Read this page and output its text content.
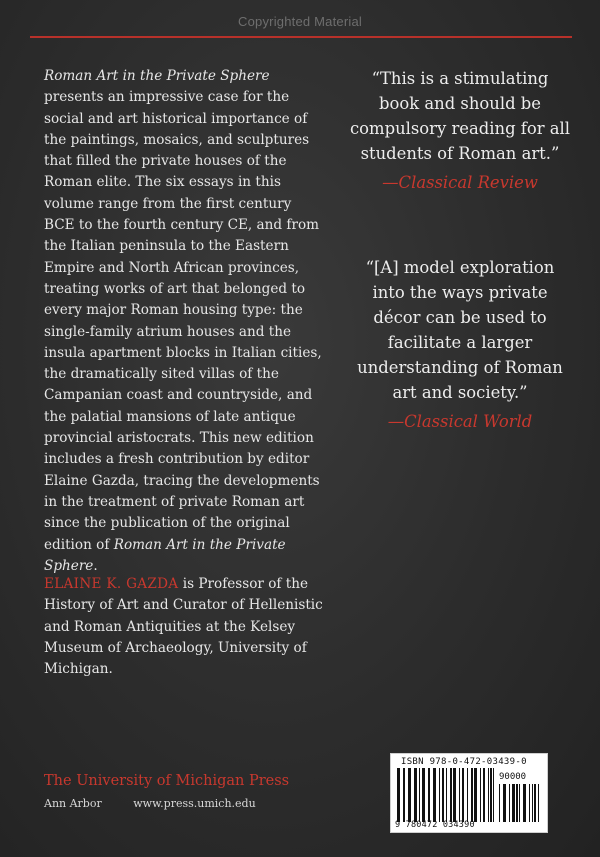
Copyrighted Material

Roman Art in the Private Sphere presents an impressive case for the social and art historical importance of the paintings, mosaics, and sculptures that filled the private houses of the Roman elite. The six essays in this volume range from the first century BCE to the fourth century CE, and from the Italian peninsula to the Eastern Empire and North African provinces, treating works of art that belonged to every major Roman housing type: the single-family atrium houses and the insula apartment blocks in Italian cities, the dramatically sited villas of the Campanian coast and countryside, and the palatial mansions of late antique provincial aristocrats. This new edition includes a fresh contribution by editor Elaine Gazda, tracing the developments in the treatment of private Roman art since the publication of the original edition of Roman Art in the Private Sphere.

ELAINE K. GAZDA is Professor of the History of Art and Curator of Hellenistic and Roman Antiquities at the Kelsey Museum of Archaeology, University of Michigan.

“This is a stimulating book and should be compulsory reading for all students of Roman art.”

—Classical Review

“[A] model exploration into the ways private décor can be used to facilitate a larger understanding of Roman art and society.”

—Classical World

The University of Michigan Press
Ann Arbor	www.press.umich.edu
ISBN 978-0-472-03439-0
90000
9 780472 034390
